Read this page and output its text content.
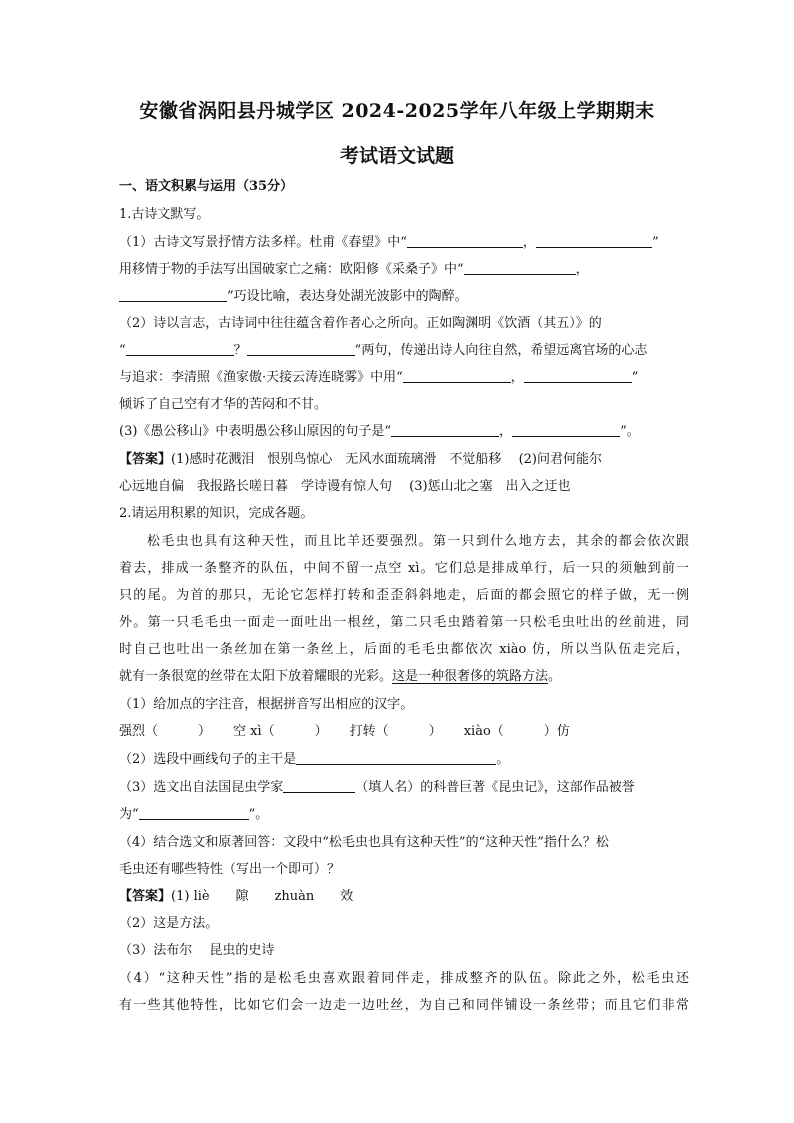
安徽省涡阳县丹城学区 2024-2025学年八年级上学期期末
考试语文试题
一、语文积累与运用（35分）
1.古诗文默写。
（1）古诗文写景抒情方法多样。杜甫《春望》中“	，	”
用移情于物的手法写出国破家亡之痛：欧阳修《采桑子》中“	，
”巧设比喻，表达身处湖光波影中的陶醉。
（2）诗以言志，古诗词中往往蕴含着作者心之所向。正如陶渊明《饮酒（其五）》的
“	？	”两句，传递出诗人向往自然，希望远离官场的心志
与追求：李清照《渔家傲·天接云涛连晓雾》中用“	，	”
倾诉了自己空有才华的苦闷和不甘。
(3)《愚公移山》中表明愚公移山原因的句子是“	，	”。
【答案】(1)感时花溅泪　恨别鸟惊心　无风水面琉璃滑　不觉船移　 (2)问君何能尔
心远地自偏　我报路长嗟日暮　学诗谩有惊人句　 (3)惩山北之塞　出入之迂也
2.请运用积累的知识，完成各题。
松毛虫也具有这种天性，而且比羊还要强烈。第一只到什么地方去，其余的都会依次跟
着去，排成一条整齐的队伍，中间不留一点空 xì。它们总是排成单行，后一只的须触到前一
只的尾。为首的那只，无论它怎样打转和歪歪斜斜地走，后面的都会照它的样子做，无一例
外。第一只毛毛虫一面走一面吐出一根丝，第二只毛虫踏着第一只松毛虫吐出的丝前进，同
时自己也吐出一条丝加在第一条丝上，后面的毛毛虫都依次 xiào 仿，所以当队伍走完后，
就有一条很宽的丝带在太阳下放着耀眼的光彩。这是一种很奢侈的筑路方法。
（1）给加点的字注音，根据拼音写出相应的汉字。
强烈（	） 空 xì（	） 打转（	） xiào（	）仿
（2）选段中画线句子的主干是	。
（3）选文出自法国昆虫学家	（填人名）的科普巨著《昆虫记》，这部作品被誉
为“	”。
（4）结合选文和原著回答：文段中“松毛虫也具有这种天性”的“这种天性”指什么？松
毛虫还有哪些特性（写出一个即可）？
【答案】(1) liè　　隙　　zhuàn　　效
（2）这是方法。
（3）法布尔　 昆虫的史诗
（4）“这种天性”指的是松毛虫喜欢跟着同伴走，排成整齐的队伍。除此之外，松毛虫还
有一些其他特性，比如它们会一边走一边吐丝，为自己和同伴铺设一条丝带；而且它们非常
